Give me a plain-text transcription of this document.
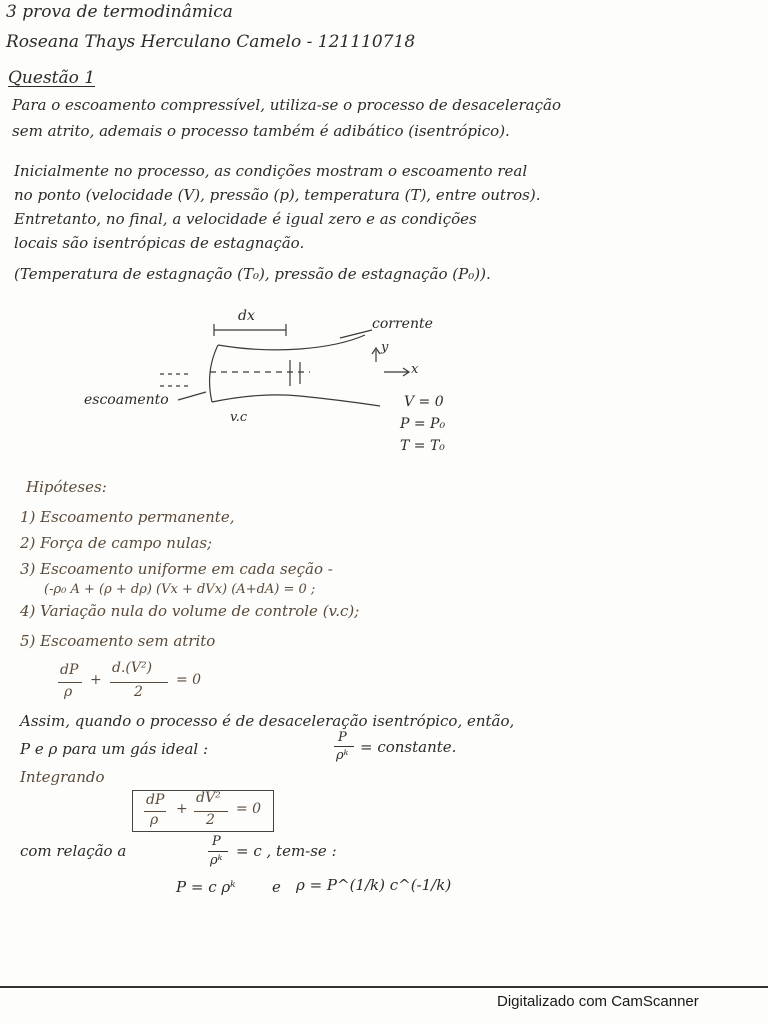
3 prova de termodinâmica
Roseana Thays Herculano Camelo - 121110718
Questão 1
Para o escoamento compressível, utiliza-se o processo de desaceleração
sem atrito, ademais o processo também é adibático (isentrópico).
Inicialmente no processo, as condições mostram o escoamento real
no ponto (velocidade (V), pressão (p), temperatura (T), entre outros).
Entretanto, no final, a velocidade é igual zero e as condições
locais são isentrópicas de estagnação.
(Temperatura de estagnação (T₀), pressão de estagnação (P₀)).
dx	corrente
y
x
escoamento
v.c
V = 0
P = P₀
T = T₀
Hipóteses:
1) Escoamento permanente,
2) Força de campo nulas;
3) Escoamento uniforme em cada seção -
(-ρ₀ A + (ρ + dρ) (Vx + dVx) (A+dA) = 0 ;
4) Variação nula do volume de controle (v.c);
5) Escoamento sem atrito
dP
ρ
+
d.(V²)
2
= 0
Assim, quando o processo é de desaceleração isentrópico, então,
P e ρ para um gás ideal :
P
ρᵏ = constante.
Integrando
dP
ρ
+
dV²
2
= 0
com relação a
P
ρᵏ
= c , tem-se :
P = c ρᵏ e ρ = P^(1/k) c^(-1/k)
Digitalizado com CamScanner
